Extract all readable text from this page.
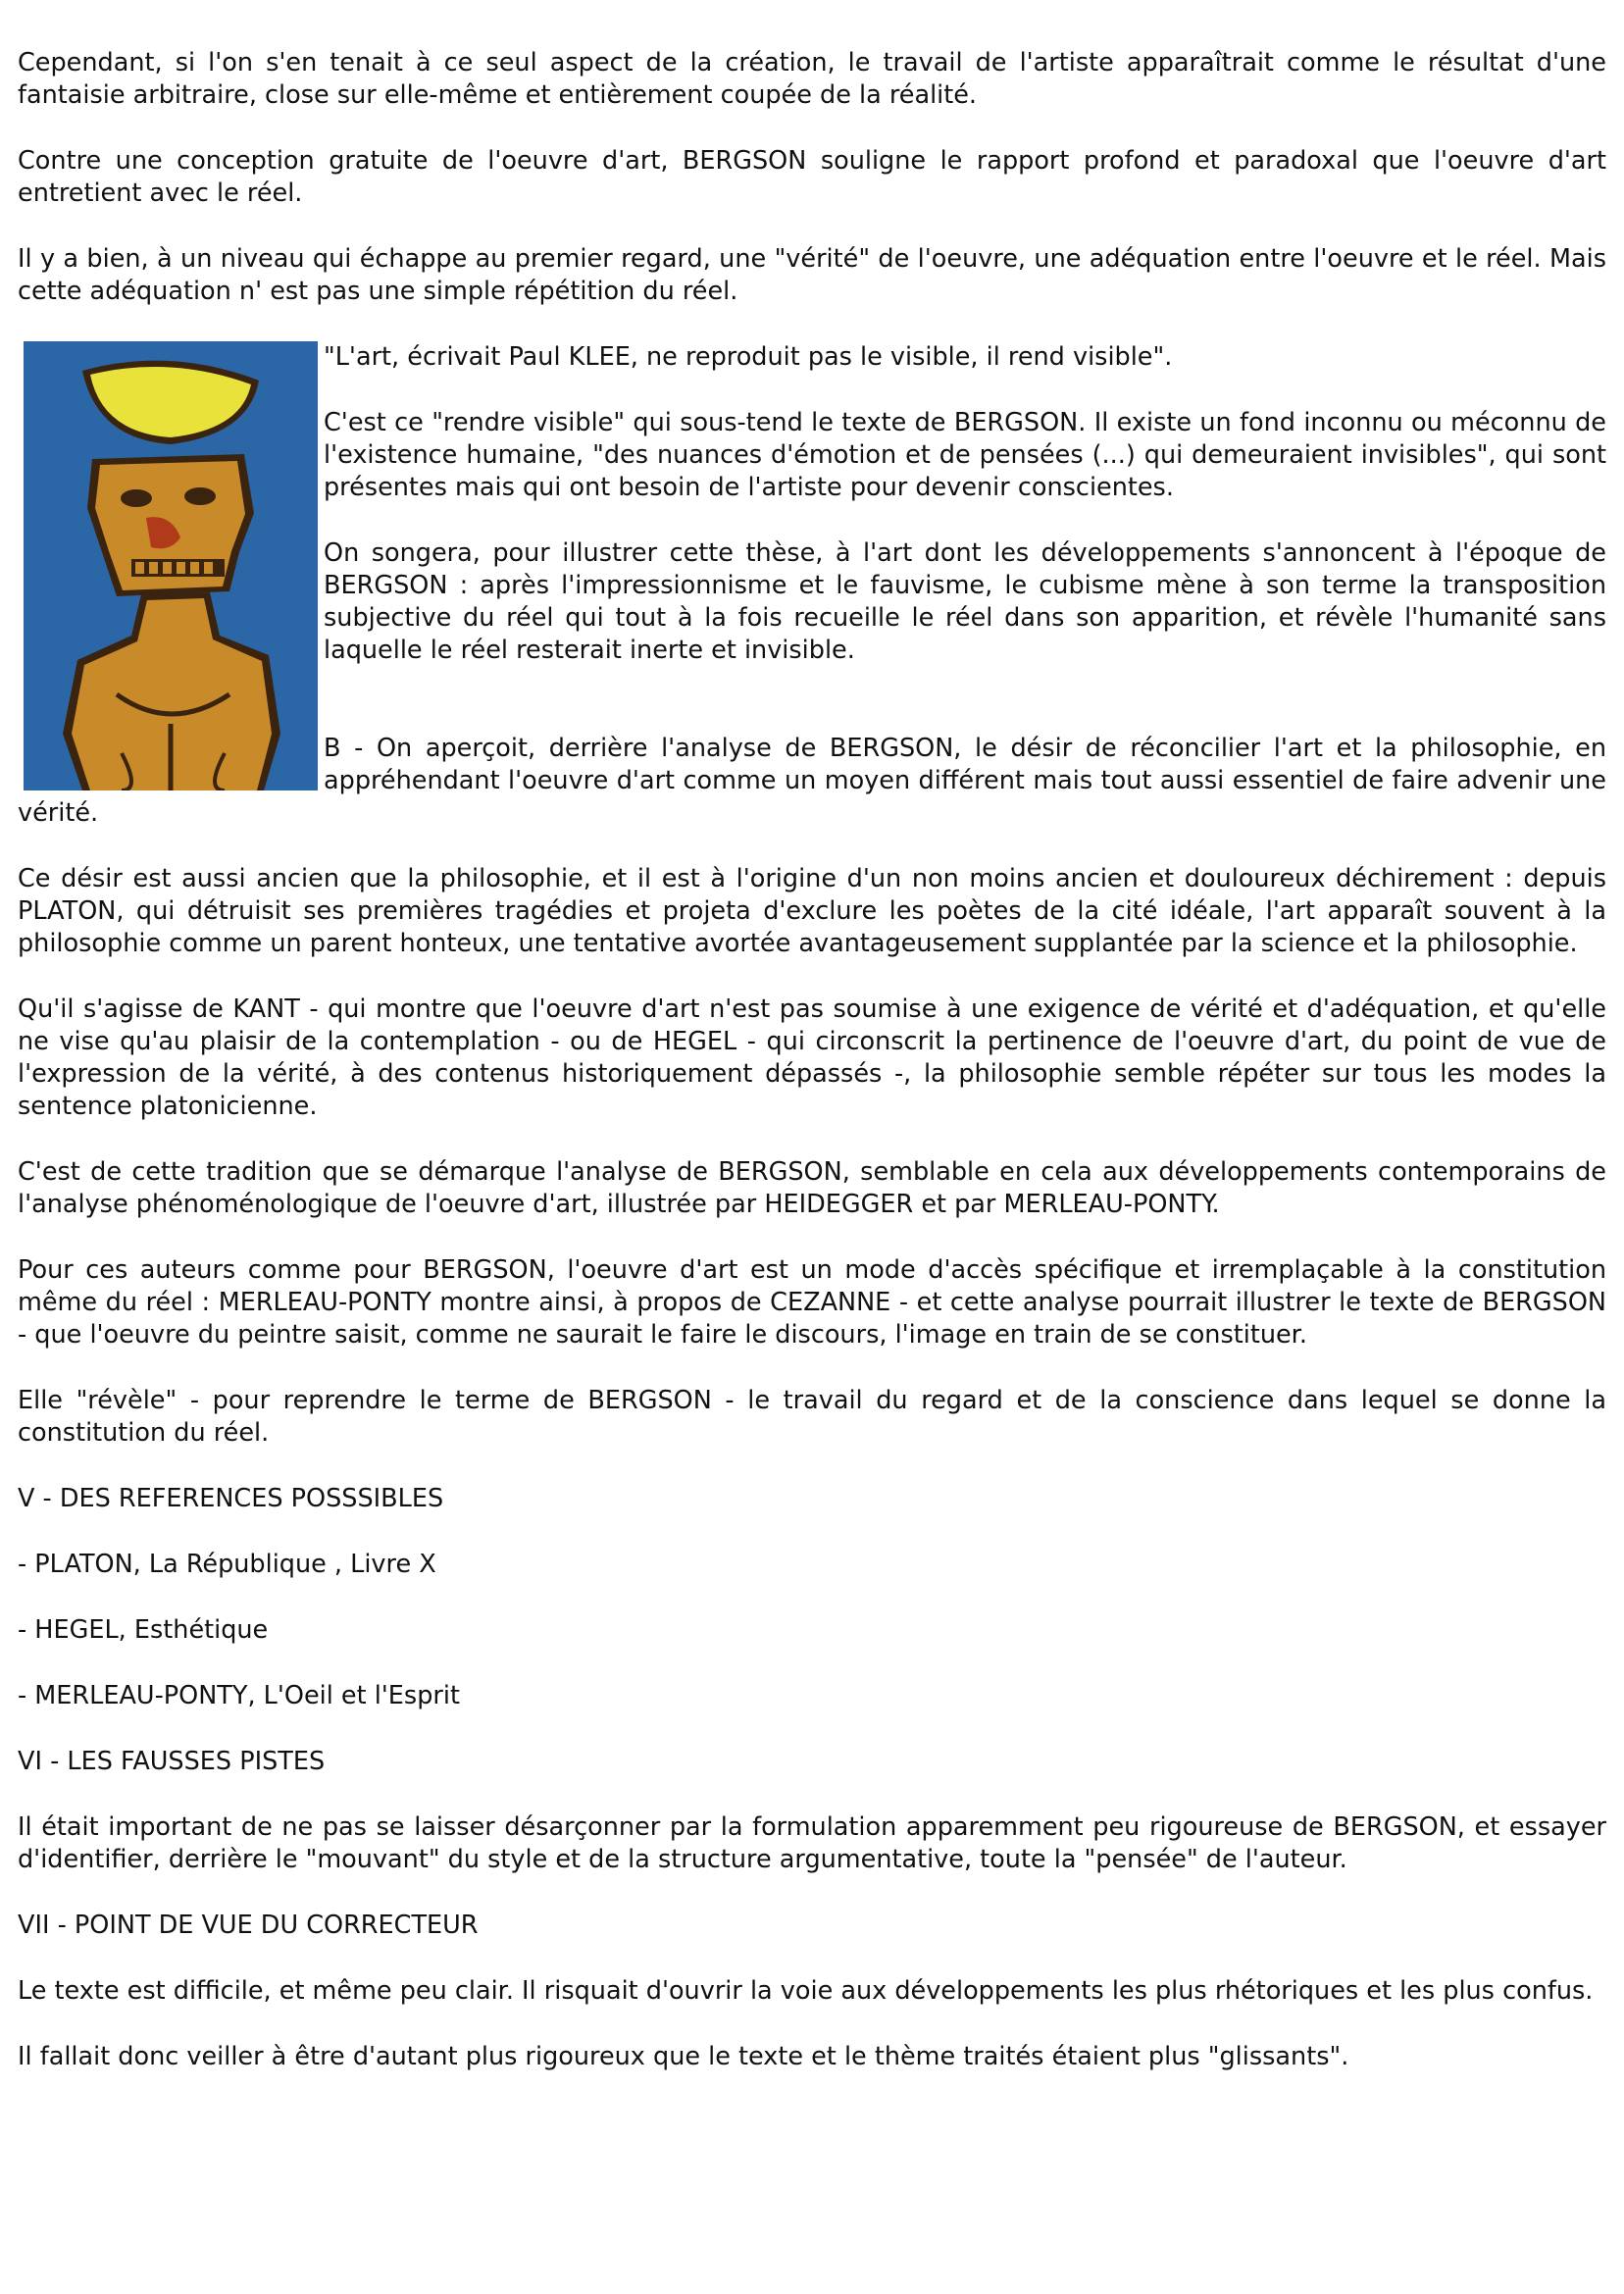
Cependant, si l'on s'en tenait à ce seul aspect de la création, le travail de l'artiste apparaîtrait comme le résultat d'une fantaisie arbitraire, close sur elle-même et entièrement coupée de la réalité.

Contre une conception gratuite de l'oeuvre d'art, BERGSON souligne le rapport profond et paradoxal que l'oeuvre d'art entretient avec le réel.

Il y a bien, à un niveau qui échappe au premier regard, une "vérité" de l'oeuvre, une adéquation entre l'oeuvre et le réel. Mais cette adéquation n' est pas une simple répétition du réel.

"L'art, écrivait Paul KLEE, ne reproduit pas le visible, il rend visible".

C'est ce "rendre visible" qui sous-tend le texte de BERGSON. Il existe un fond inconnu ou méconnu de l'existence humaine, "des nuances d'émotion et de pensées (...) qui demeuraient invisibles", qui sont présentes mais qui ont besoin de l'artiste pour devenir conscientes.

On songera, pour illustrer cette thèse, à l'art dont les développements s'annoncent à l'époque de BERGSON : après l'impressionnisme et le fauvisme, le cubisme mène à son terme la transposition subjective du réel qui tout à la fois recueille le réel dans son apparition, et révèle l'humanité sans laquelle le réel resterait inerte et invisible.

B - On aperçoit, derrière l'analyse de BERGSON, le désir de réconcilier l'art et la philosophie, en appréhendant l'oeuvre d'art comme un moyen différent mais tout aussi essentiel de faire advenir une vérité.

Ce désir est aussi ancien que la philosophie, et il est à l'origine d'un non moins ancien et douloureux déchirement : depuis PLATON, qui détruisit ses premières tragédies et projeta d'exclure les poètes de la cité idéale, l'art apparaît souvent à la philosophie comme un parent honteux, une tentative avortée avantageusement supplantée par la science et la philosophie.

Qu'il s'agisse de KANT - qui montre que l'oeuvre d'art n'est pas soumise à une exigence de vérité et d'adéquation, et qu'elle ne vise qu'au plaisir de la contemplation - ou de HEGEL - qui circonscrit la pertinence de l'oeuvre d'art, du point de vue de l'expression de la vérité, à des contenus historiquement dépassés -, la philosophie semble répéter sur tous les modes la sentence platonicienne.

C'est de cette tradition que se démarque l'analyse de BERGSON, semblable en cela aux développements contemporains de l'analyse phénoménologique de l'oeuvre d'art, illustrée par HEIDEGGER et par MERLEAU-PONTY.

Pour ces auteurs comme pour BERGSON, l'oeuvre d'art est un mode d'accès spécifique et irremplaçable à la constitution même du réel : MERLEAU-PONTY montre ainsi, à propos de CEZANNE - et cette analyse pourrait illustrer le texte de BERGSON - que l'oeuvre du peintre saisit, comme ne saurait le faire le discours, l'image en train de se constituer.

Elle "révèle" - pour reprendre le terme de BERGSON - le travail du regard et de la conscience dans lequel se donne la constitution du réel.

V - DES REFERENCES POSSSIBLES

- PLATON, La République , Livre X

- HEGEL, Esthétique

- MERLEAU-PONTY, L'Oeil et l'Esprit

VI - LES FAUSSES PISTES

Il était important de ne pas se laisser désarçonner par la formulation apparemment peu rigoureuse de BERGSON, et essayer d'identifier, derrière le "mouvant" du style et de la structure argumentative, toute la "pensée" de l'auteur.

VII - POINT DE VUE DU CORRECTEUR

Le texte est difficile, et même peu clair. Il risquait d'ouvrir la voie aux développements les plus rhétoriques et les plus confus.

Il fallait donc veiller à être d'autant plus rigoureux que le texte et le thème traités étaient plus "glissants".
